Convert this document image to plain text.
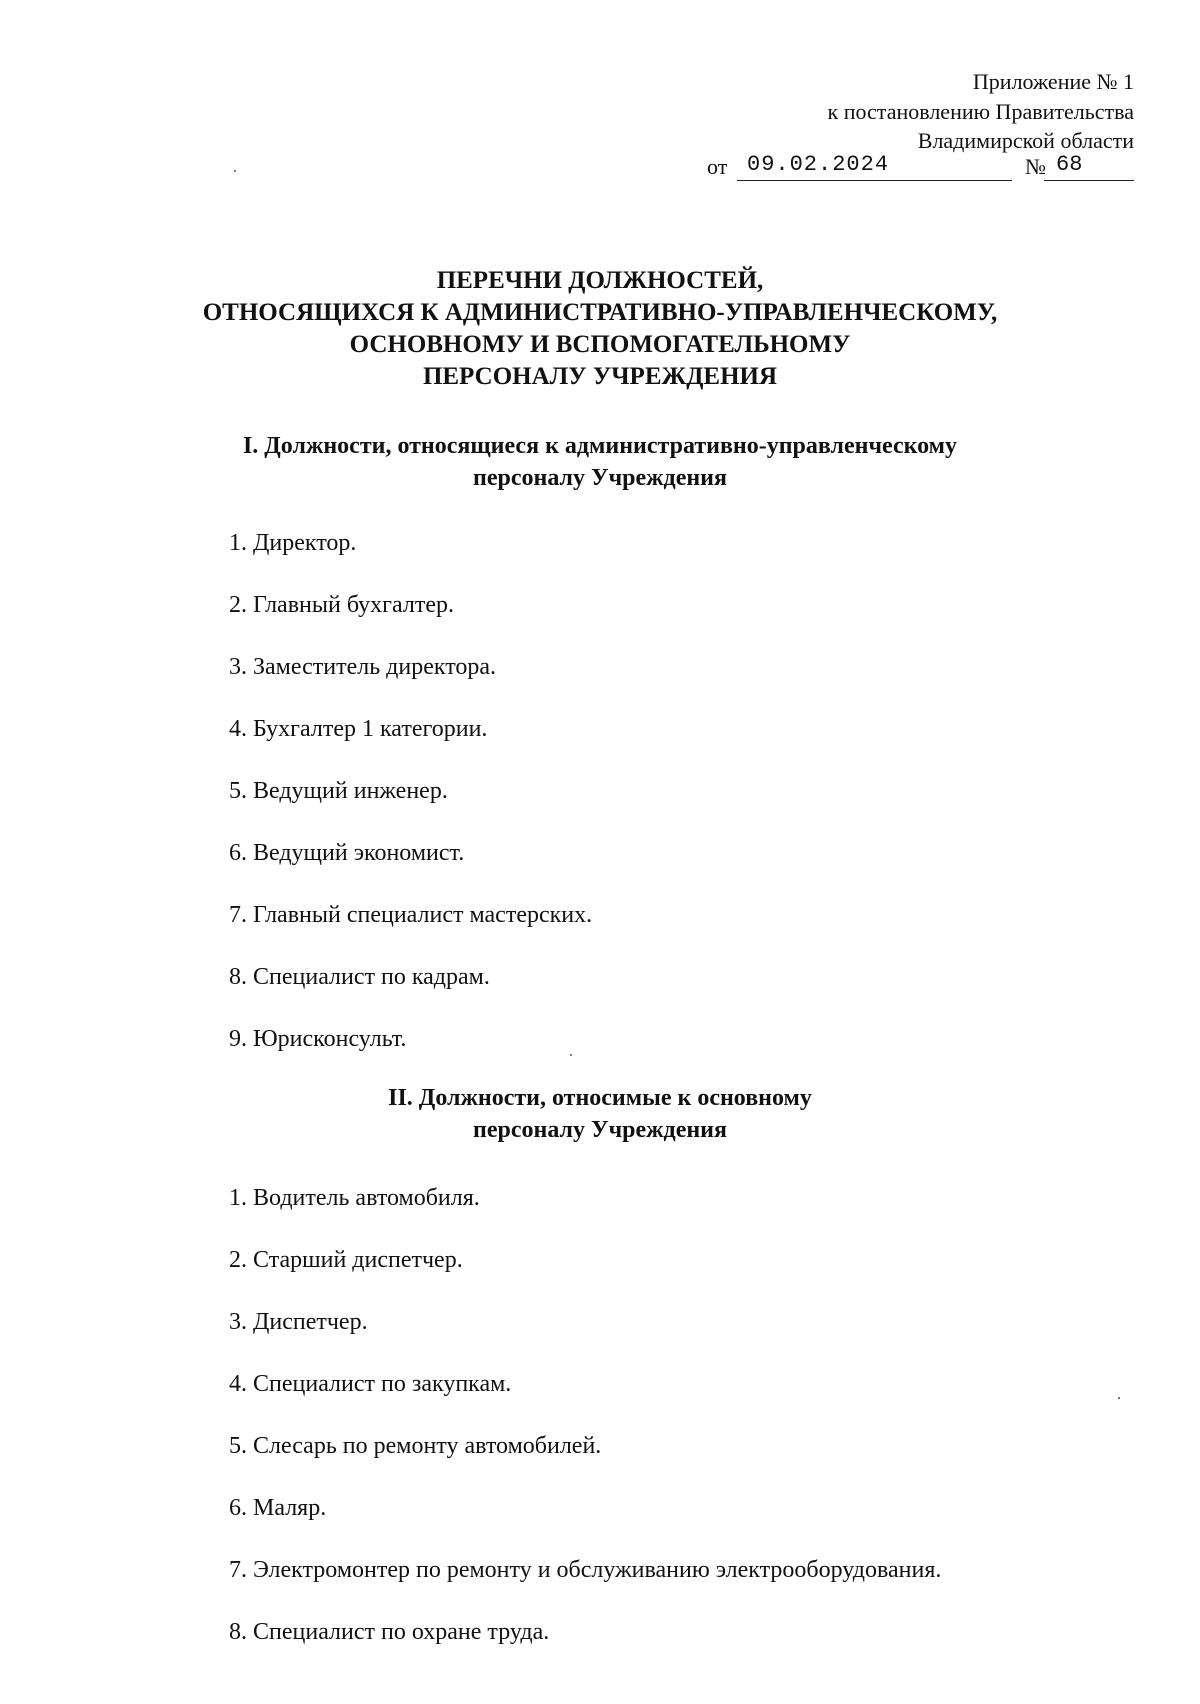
Приложение № 1
к постановлению Правительства
Владимирской области
от 09.02.2024	№ 68
ПЕРЕЧНИ ДОЛЖНОСТЕЙ,
ОТНОСЯЩИХСЯ К АДМИНИСТРАТИВНО-УПРАВЛЕНЧЕСКОМУ,
ОСНОВНОМУ И ВСПОМОГАТЕЛЬНОМУ
ПЕРСОНАЛУ УЧРЕЖДЕНИЯ
I. Должности, относящиеся к административно-управленческому
персоналу Учреждения
1. Директор.
2. Главный бухгалтер.
3. Заместитель директора.
4. Бухгалтер 1 категории.
5. Ведущий инженер.
6. Ведущий экономист.
7. Главный специалист мастерских.
8. Специалист по кадрам.
9. Юрисконсульт.
II. Должности, относимые к основному
персоналу Учреждения
1. Водитель автомобиля.
2. Старший диспетчер.
3. Диспетчер.
4. Специалист по закупкам.
5. Слесарь по ремонту автомобилей.
6. Маляр.
7. Электромонтер по ремонту и обслуживанию электрооборудования.
8. Специалист по охране труда.
